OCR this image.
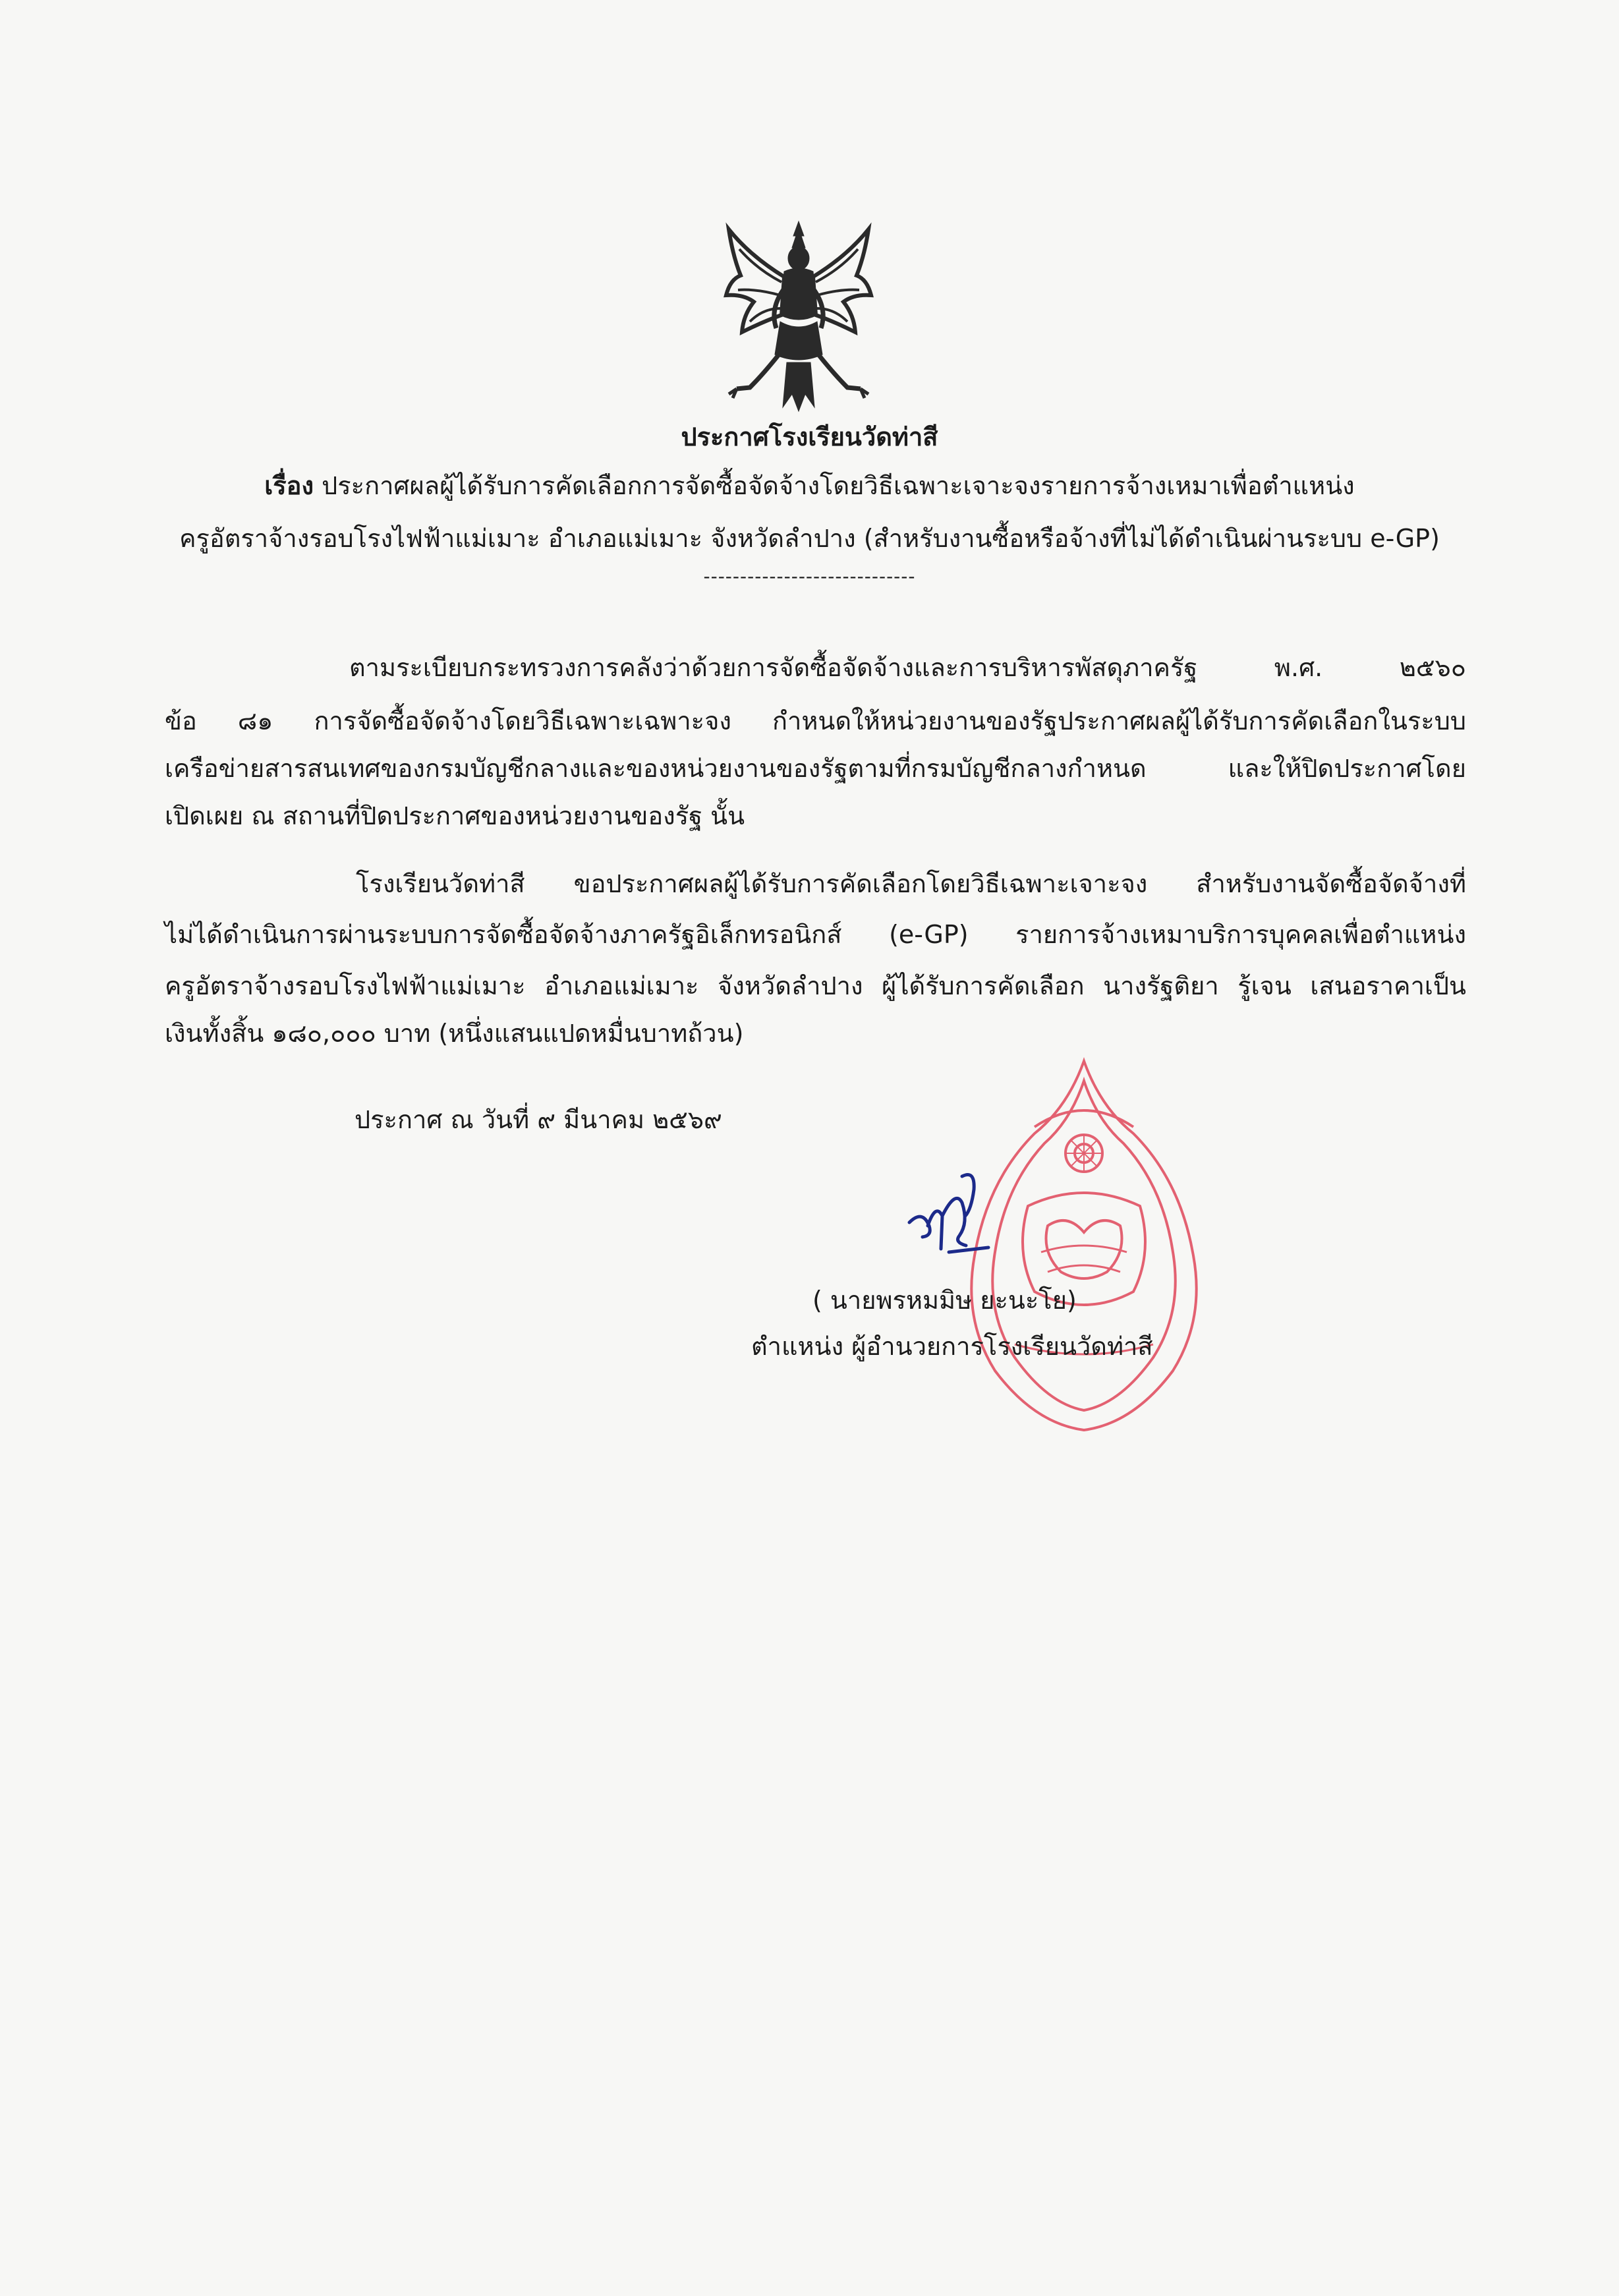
ประกาศโรงเรียนวัดท่าสี
เรื่อง ประกาศผลผู้ได้รับการคัดเลือกการจัดซื้อจัดจ้างโดยวิธีเฉพาะเจาะจงรายการจ้างเหมาเพื่อตำแหน่ง
ครูอัตราจ้างรอบโรงไฟฟ้าแม่เมาะ อำเภอแม่เมาะ จังหวัดลำปาง (สำหรับงานซื้อหรือจ้างที่ไม่ได้ดำเนินผ่านระบบ e-GP)
-----------------------------
ตามระเบียบกระทรวงการคลังว่าด้วยการจัดซื้อจัดจ้างและการบริหารพัสดุภาครัฐ พ.ศ. ๒๕๖๐
ข้อ ๘๑ การจัดซื้อจัดจ้างโดยวิธีเฉพาะเฉพาะจง กำหนดให้หน่วยงานของรัฐประกาศผลผู้ได้รับการคัดเลือกในระบบ
เครือข่ายสารสนเทศของกรมบัญชีกลางและของหน่วยงานของรัฐตามที่กรมบัญชีกลางกำหนด และให้ปิดประกาศโดย
เปิดเผย ณ สถานที่ปิดประกาศของหน่วยงานของรัฐ นั้น
โรงเรียนวัดท่าสี ขอประกาศผลผู้ได้รับการคัดเลือกโดยวิธีเฉพาะเจาะจง สำหรับงานจัดซื้อจัดจ้างที่
ไม่ได้ดำเนินการผ่านระบบการจัดซื้อจัดจ้างภาครัฐอิเล็กทรอนิกส์ (e-GP) รายการจ้างเหมาบริการบุคคลเพื่อตำแหน่ง
ครูอัตราจ้างรอบโรงไฟฟ้าแม่เมาะ อำเภอแม่เมาะ จังหวัดลำปาง ผู้ได้รับการคัดเลือก นางรัฐติยา รู้เจน เสนอราคาเป็น
เงินทั้งสิ้น ๑๘๐,๐๐๐ บาท (หนึ่งแสนแปดหมื่นบาทถ้วน)
ประกาศ ณ วันที่ ๙ มีนาคม ๒๕๖๙
( นายพรหมมิษ ยะนะโย)
ตำแหน่ง ผู้อำนวยการโรงเรียนวัดท่าสี
